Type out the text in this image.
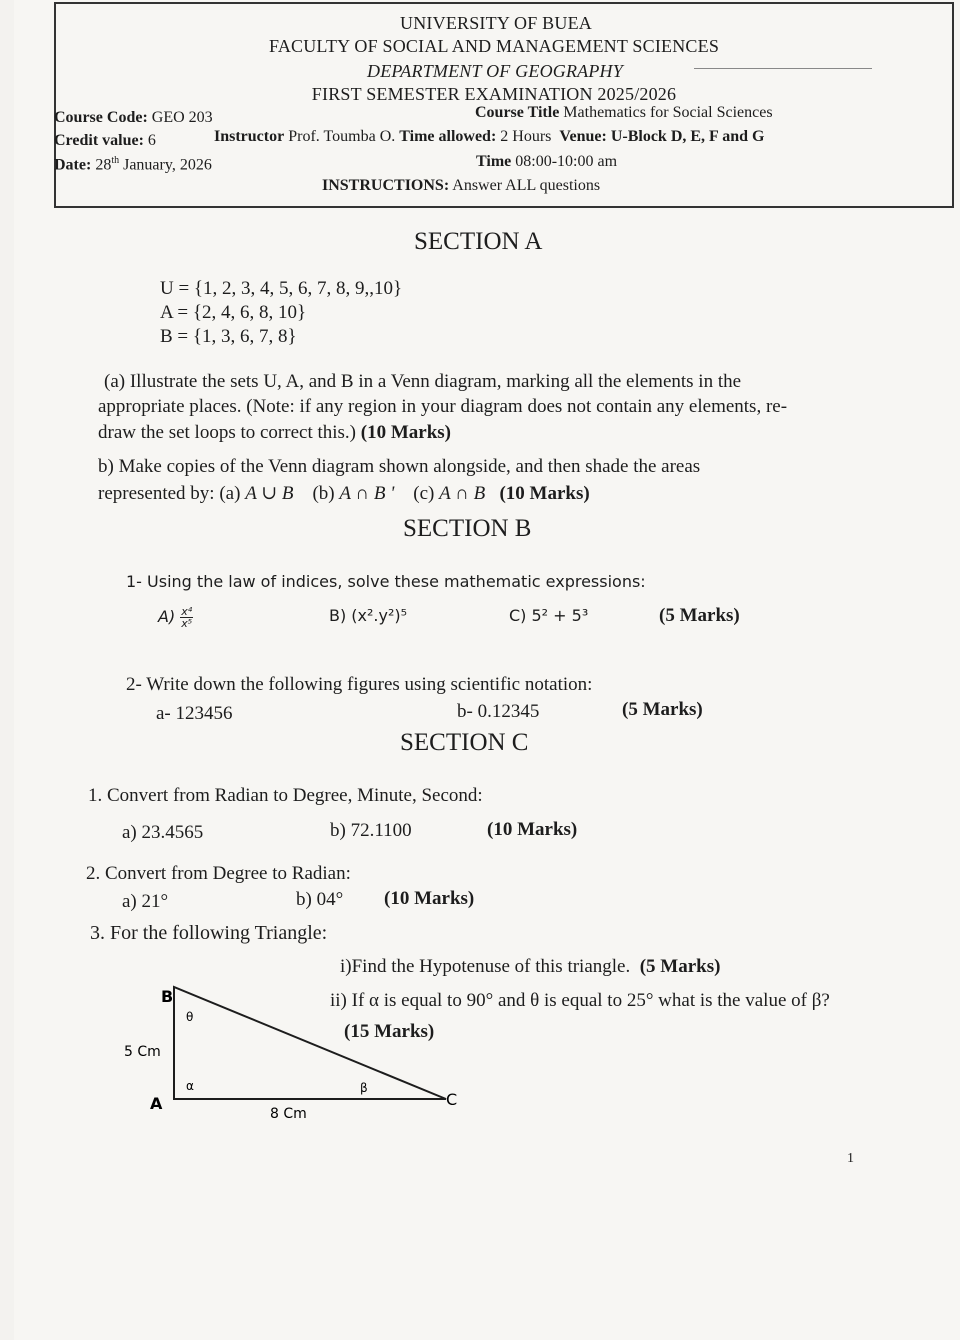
UNIVERSITY OF BUEA
FACULTY OF SOCIAL AND MANAGEMENT SCIENCES
DEPARTMENT OF GEOGRAPHY
FIRST SEMESTER EXAMINATION 2025/2026
Course Code: GEO 203	Course Title Mathematics for Social Sciences
Credit value: 6	Instructor Prof. Toumba O. Time allowed: 2 Hours Venue: U-Block D, E, F and G
Date: 28th January, 2026	Time 08:00-10:00 am
INSTRUCTIONS: Answer ALL questions
SECTION A
U = {1, 2, 3, 4, 5, 6, 7, 8, 9,,10}
A = {2, 4, 6, 8, 10}
B = {1, 3, 6, 7, 8}
(a) Illustrate the sets U, A, and B in a Venn diagram, marking all the elements in the
appropriate places. (Note: if any region in your diagram does not contain any elements, re-
draw the set loops to correct this.) (10 Marks)
b) Make copies of the Venn diagram shown alongside, and then shade the areas
represented by: (a) A ∪ B (b) A ∩ B ' (c) A ∩ B (10 Marks)
SECTION B
1- Using the law of indices, solve these mathematic expressions:
$A) \frac{\text{x⁴}}{\text{x⁵}}$	B) (x².y²)⁵	C) 5² + 5³	(5 Marks)
2- Write down the following figures using scientific notation:
a- 123456	b- 0.12345	(5 Marks)
SECTION C
1. Convert from Radian to Degree, Minute, Second:
a) 23.4565	b) 72.1100	(10 Marks)
2. Convert from Degree to Radian:
a) 21°	b) 04° (10 Marks)
3. For the following Triangle:
i)Find the Hypotenuse of this triangle. (5 Marks)
ii) If α is equal to 90° and θ is equal to 25° what is the value of β?
(15 Marks)
B
A	C
θ
α	β
5 Cm
8 Cm
1
